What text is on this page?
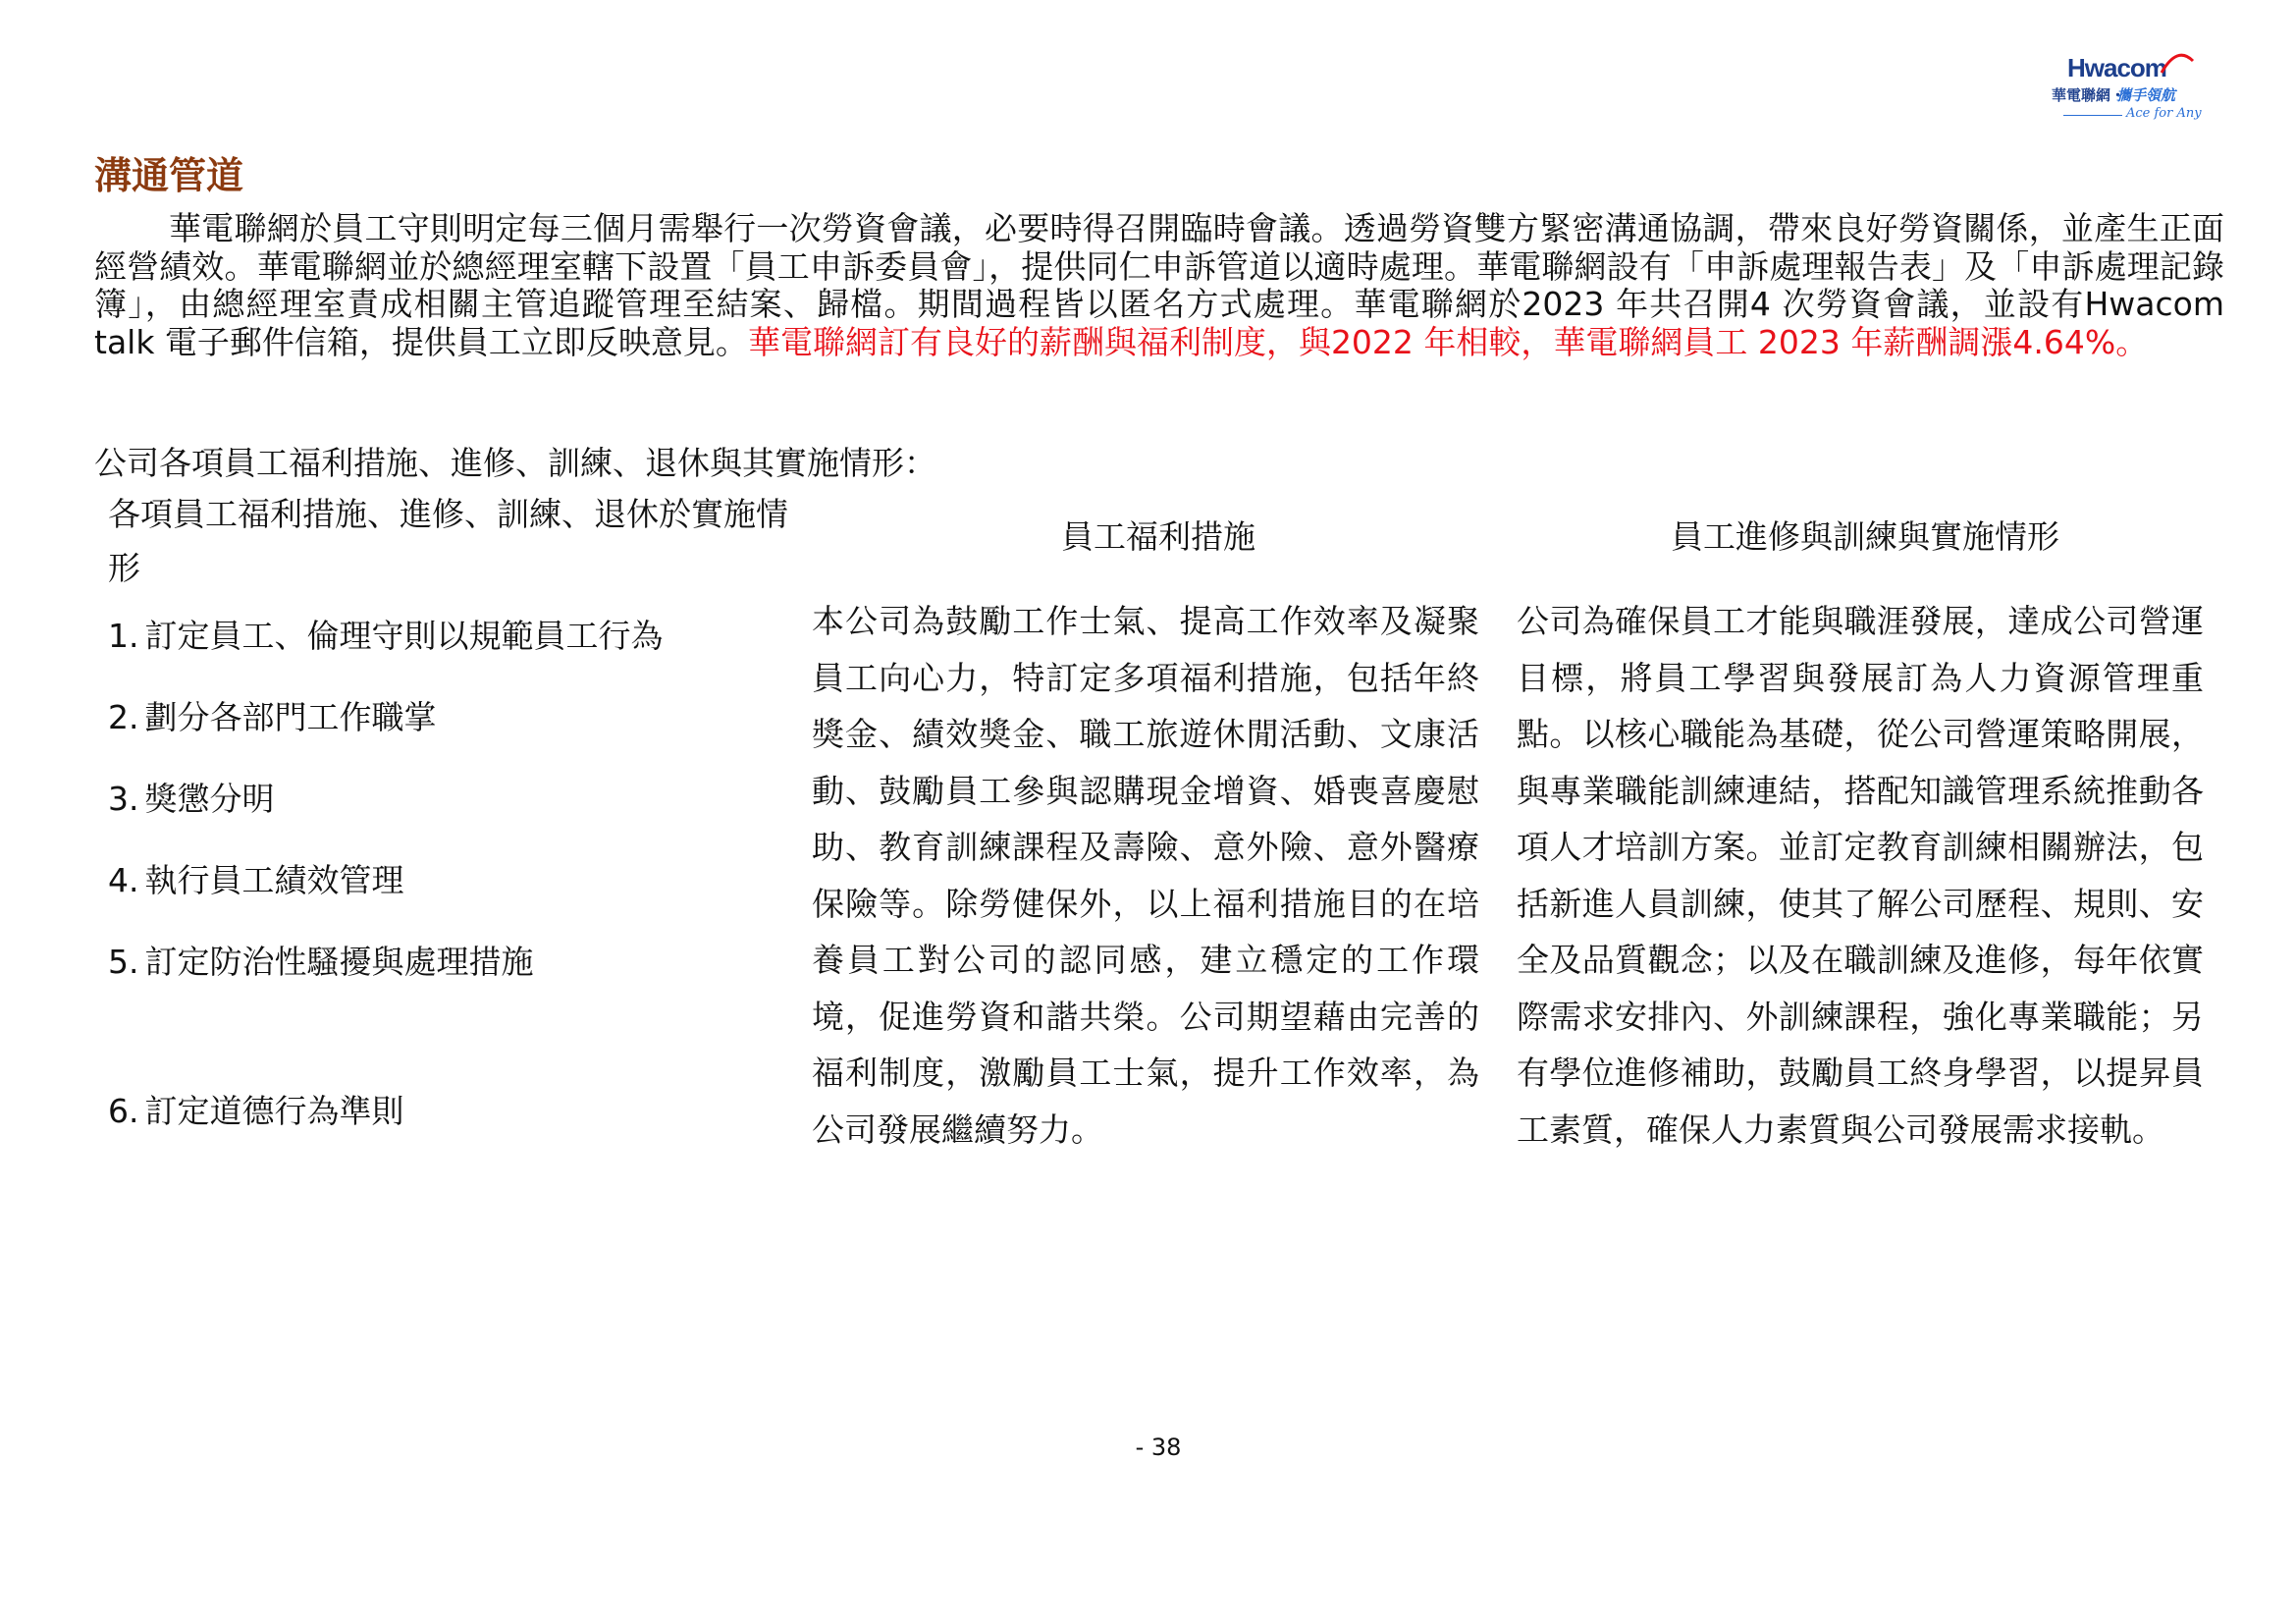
Hwacom
華電聯網・
攜手領航
Ace for Any
溝通管道

華電聯網於員工守則明定每三個月需舉行一次勞資會議，必要時得召開臨時會議。透過勞資雙方緊密溝通協調，帶來良好勞資關係，並產生正面經營績效。華電聯網並於總經理室轄下設置「員工申訴委員會」，提供同仁申訴管道以適時處理。華電聯網設有「申訴處理報告表」及「申訴處理記錄簿」，由總經理室責成相關主管追蹤管理至結案、歸檔。期間過程皆以匿名方式處理。華電聯網於2023 年共召開4 次勞資會議，並設有Hwacom talk 電子郵件信箱，提供員工立即反映意見。華電聯網訂有良好的薪酬與福利制度，與2022 年相較，華電聯網員工 2023 年薪酬調漲4.64%。

公司各項員工福利措施、進修、訓練、退休與其實施情形：

各項員工福利措施、進修、訓練、退休於實施情形

員工福利措施	員工進修與訓練與實施情形

1. 訂定員工、倫理守則以規範員工行為
2. 劃分各部門工作職掌
3. 獎懲分明
4. 執行員工績效管理
5. 訂定防治性騷擾與處理措施
6. 訂定道德行為準則

本公司為鼓勵工作士氣、提高工作效率及凝聚員工向心力，特訂定多項福利措施，包括年終獎金、績效獎金、職工旅遊休閒活動、文康活動、鼓勵員工參與認購現金增資、婚喪喜慶慰助、教育訓練課程及壽險、意外險、意外醫療保險等。除勞健保外，以上福利措施目的在培養員工對公司的認同感，建立穩定的工作環境，促進勞資和諧共榮。公司期望藉由完善的福利制度，激勵員工士氣，提升工作效率，為公司發展繼續努力。

公司為確保員工才能與職涯發展，達成公司營運目標，將員工學習與發展訂為人力資源管理重點。以核心職能為基礎，從公司營運策略開展，與專業職能訓練連結，搭配知識管理系統推動各項人才培訓方案。並訂定教育訓練相關辦法，包括新進人員訓練，使其了解公司歷程、規則、安全及品質觀念；以及在職訓練及進修，每年依實際需求安排內、外訓練課程，強化專業職能；另有學位進修補助，鼓勵員工終身學習，以提昇員工素質，確保人力素質與公司發展需求接軌。

- 38
